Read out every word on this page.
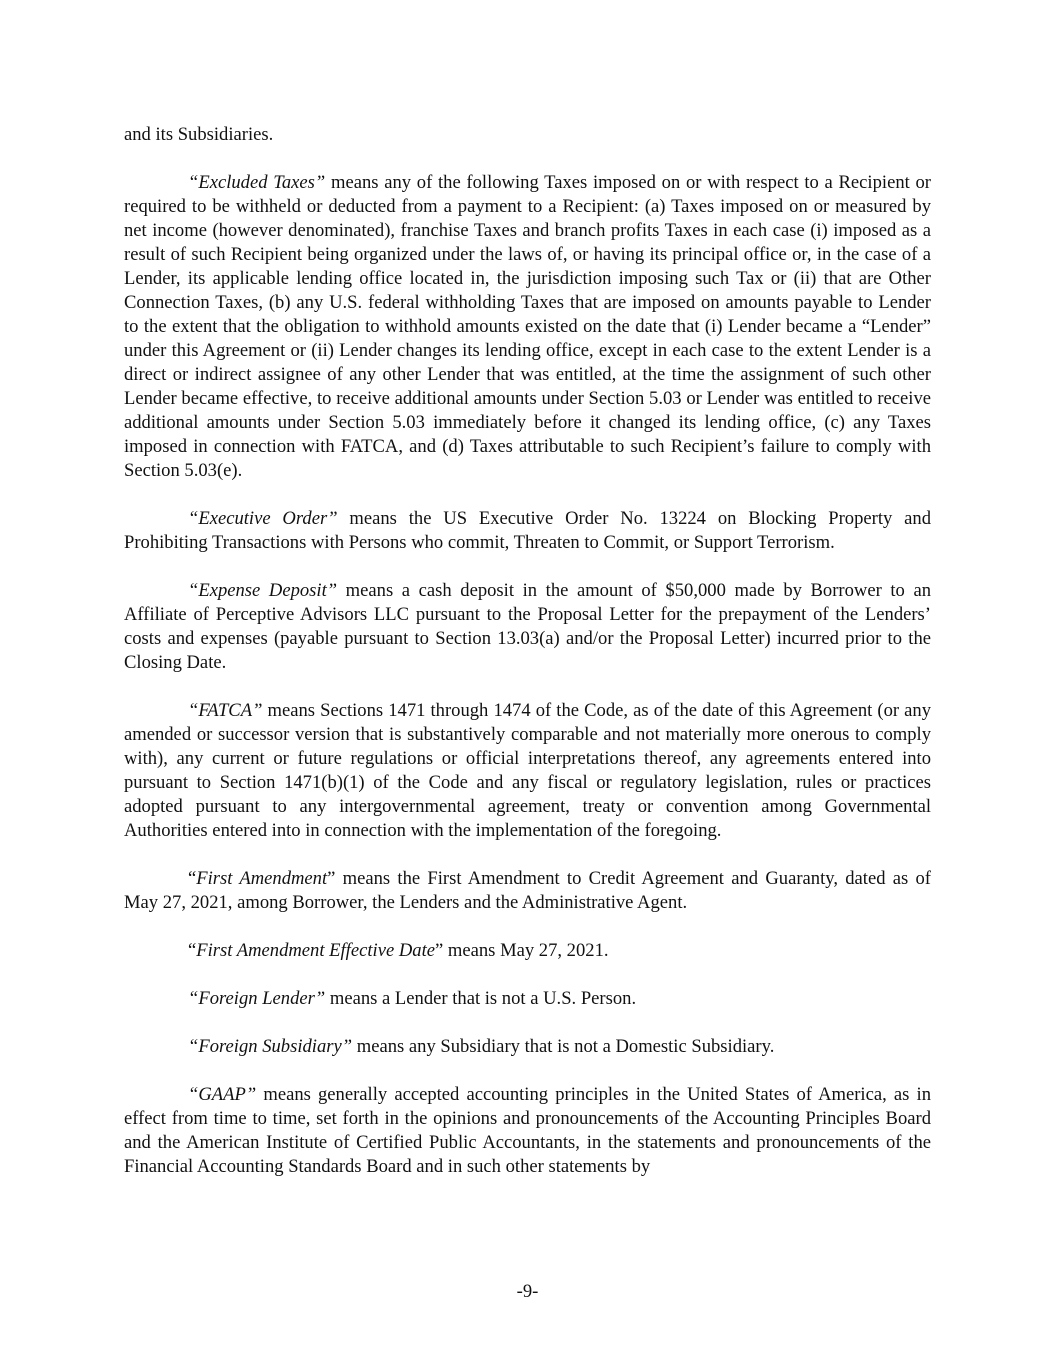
and its Subsidiaries.

“Excluded Taxes” means any of the following Taxes imposed on or with respect to a Recipient or required to be withheld or deducted from a payment to a Recipient: (a) Taxes imposed on or measured by net income (however denominated), franchise Taxes and branch profits Taxes in each case (i) imposed as a result of such Recipient being organized under the laws of, or having its principal office or, in the case of a Lender, its applicable lending office located in, the jurisdiction imposing such Tax or (ii) that are Other Connection Taxes, (b) any U.S. federal withholding Taxes that are imposed on amounts payable to Lender to the extent that the obligation to withhold amounts existed on the date that (i) Lender became a “Lender” under this Agreement or (ii) Lender changes its lending office, except in each case to the extent Lender is a direct or indirect assignee of any other Lender that was entitled, at the time the assignment of such other Lender became effective, to receive additional amounts under Section 5.03 or Lender was entitled to receive additional amounts under Section 5.03 immediately before it changed its lending office, (c) any Taxes imposed in connection with FATCA, and (d) Taxes attributable to such Recipient’s failure to comply with Section 5.03(e).

“Executive Order” means the US Executive Order No. 13224 on Blocking Property and Prohibiting Transactions with Persons who commit, Threaten to Commit, or Support Terrorism.

“Expense Deposit” means a cash deposit in the amount of $50,000 made by Borrower to an Affiliate of Perceptive Advisors LLC pursuant to the Proposal Letter for the prepayment of the Lenders’ costs and expenses (payable pursuant to Section 13.03(a) and/or the Proposal Letter) incurred prior to the Closing Date.

“FATCA” means Sections 1471 through 1474 of the Code, as of the date of this Agreement (or any amended or successor version that is substantively comparable and not materially more onerous to comply with), any current or future regulations or official interpretations thereof, any agreements entered into pursuant to Section 1471(b)(1) of the Code and any fiscal or regulatory legislation, rules or practices adopted pursuant to any intergovernmental agreement, treaty or convention among Governmental Authorities entered into in connection with the implementation of the foregoing.

“First Amendment” means the First Amendment to Credit Agreement and Guaranty, dated as of May 27, 2021, among Borrower, the Lenders and the Administrative Agent.

“First Amendment Effective Date” means May 27, 2021.

“Foreign Lender” means a Lender that is not a U.S. Person.

“Foreign Subsidiary” means any Subsidiary that is not a Domestic Subsidiary.

“GAAP” means generally accepted accounting principles in the United States of America, as in effect from time to time, set forth in the opinions and pronouncements of the Accounting Principles Board and the American Institute of Certified Public Accountants, in the statements and pronouncements of the Financial Accounting Standards Board and in such other statements by

-9-
